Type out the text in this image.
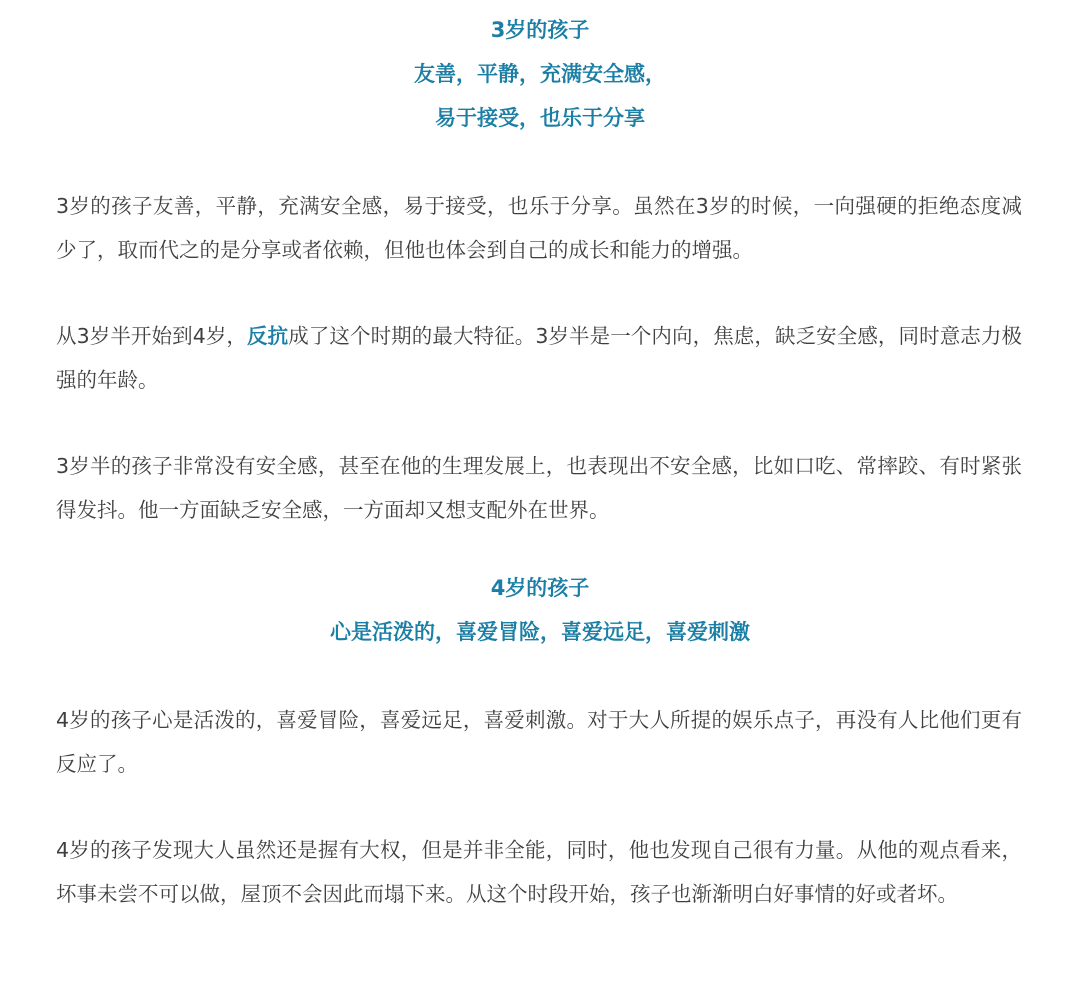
3岁的孩子
友善，平静，充满安全感，
易于接受，也乐于分享

3岁的孩子友善，平静，充满安全感，易于接受，也乐于分享。虽然在3岁的时候，一向强硬的拒绝态度减少了，取而代之的是分享或者依赖，但他也体会到自己的成长和能力的增强。

从3岁半开始到4岁，反抗成了这个时期的最大特征。3岁半是一个内向，焦虑，缺乏安全感，同时意志力极强的年龄。

3岁半的孩子非常没有安全感，甚至在他的生理发展上，也表现出不安全感，比如口吃、常摔跤、有时紧张得发抖。他一方面缺乏安全感，一方面却又想支配外在世界。

4岁的孩子
心是活泼的，喜爱冒险，喜爱远足，喜爱刺激

4岁的孩子心是活泼的，喜爱冒险，喜爱远足，喜爱刺激。对于大人所提的娱乐点子，再没有人比他们更有反应了。

4岁的孩子发现大人虽然还是握有大权，但是并非全能，同时，他也发现自己很有力量。从他的观点看来，坏事未尝不可以做，屋顶不会因此而塌下来。从这个时段开始，孩子也渐渐明白好事情的好或者坏。
